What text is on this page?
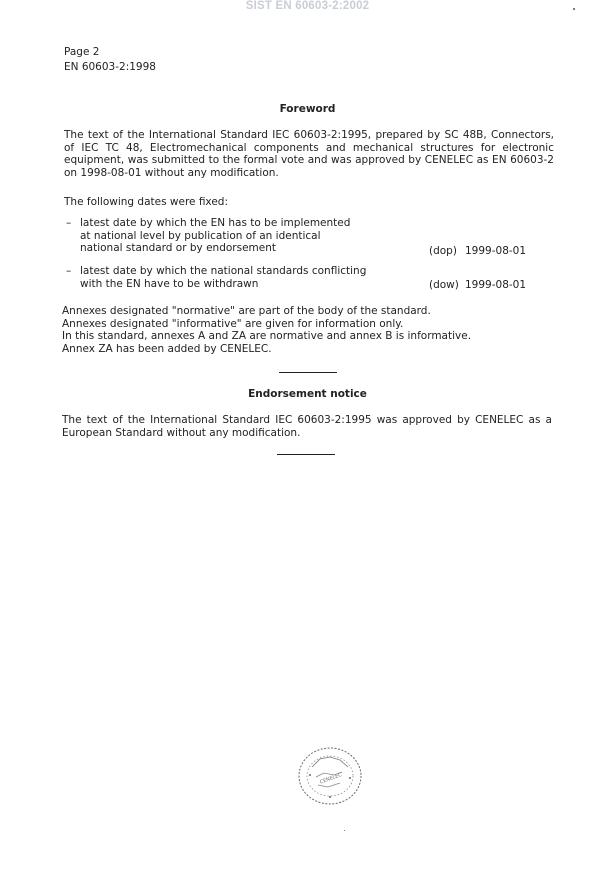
SIST EN 60603-2:2002
Page 2
EN 60603-2:1998
Foreword
The text of the International Standard IEC 60603-2:1995, prepared by SC 48B, Connectors,
of IEC TC 48, Electromechanical components and mechanical structures for electronic
equipment, was submitted to the formal vote and was approved by CENELEC as EN 60603-2
on 1998-08-01 without any modification.
The following dates were fixed:
– latest date by which the EN has to be implemented
at national level by publication of an identical
national standard or by endorsement	(dop) 1999-08-01
– latest date by which the national standards conflicting
with the EN have to be withdrawn	(dow) 1999-08-01
Annexes designated "normative" are part of the body of the standard.
Annexes designated "informative" are given for information only.
In this standard, annexes A and ZA are normative and annex B is informative.
Annex ZA has been added by CENELEC.
Endorsement notice
The text of the International Standard IEC 60603-2:1995 was approved by CENELEC as a
European Standard without any modification.
CENELEC
